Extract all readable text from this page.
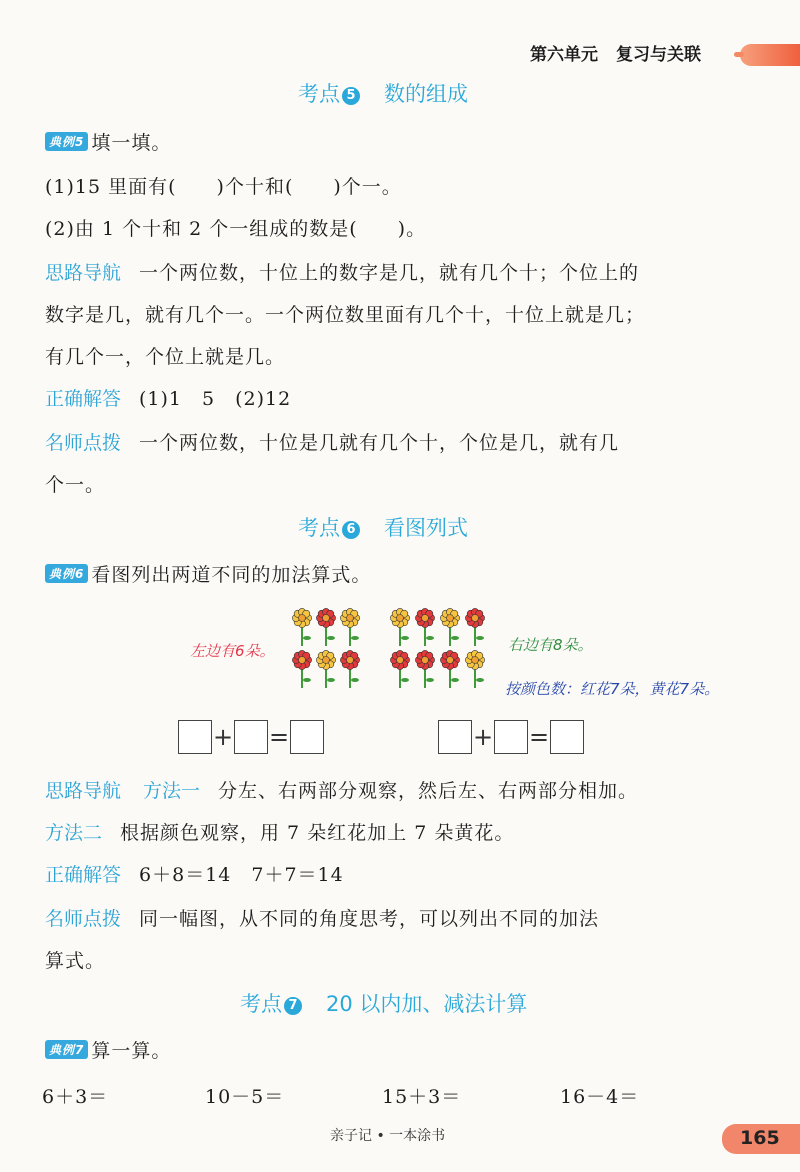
第六单元 复习与关联
考点 5 数的组成
典例5 填一填。
(1)15 里面有(　　)个十和(　　)个一。
(2)由 1 个十和 2 个一组成的数是(　　)。
思路导航 一个两位数，十位上的数字是几，就有几个十；个位上的
数字是几，就有几个一。一个两位数里面有几个十，十位上就是几；
有几个一，个位上就是几。
正确解答 (1)1　5　(2)12
名师点拨 一个两位数，十位是几就有几个十，个位是几，就有几
个一。
考点 6 看图列式
典例6 看图列出两道不同的加法算式。
左边有6朵。	右边有8朵。
按颜色数：红花7朵，黄花7朵。
+ =	+ =
思路导航 方法一 分左、右两部分观察，然后左、右两部分相加。
方法二 根据颜色观察，用 7 朵红花加上 7 朵黄花。
正确解答 6＋8＝14　7＋7＝14
名师点拨 同一幅图，从不同的角度思考，可以列出不同的加法
算式。
考点 7 20 以内加、减法计算
典例7 算一算。
6＋3＝	10－5＝	15＋3＝	16－4＝
亲子记 • 一本涂书	165
